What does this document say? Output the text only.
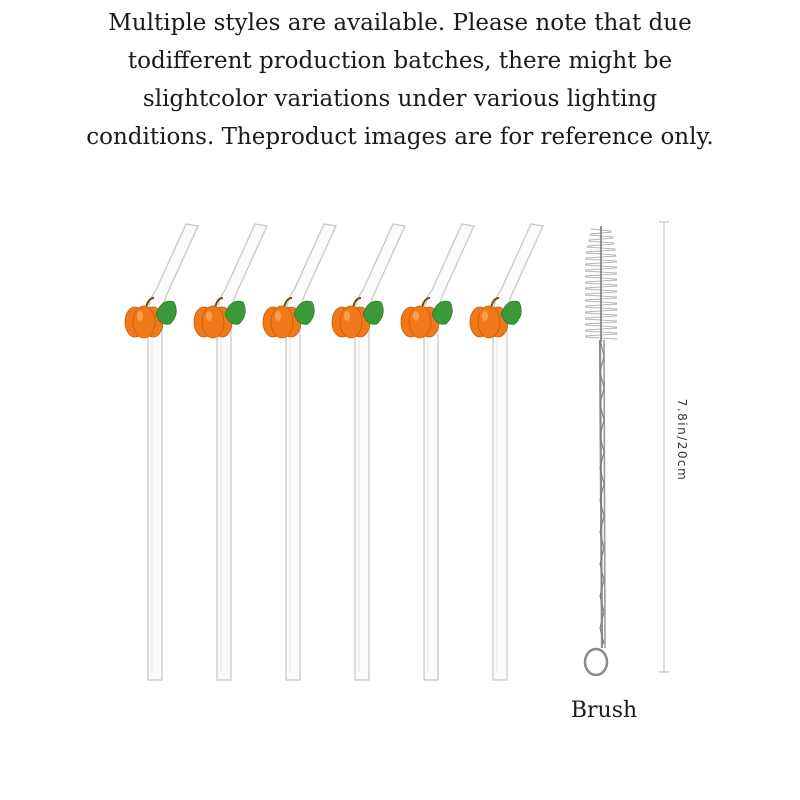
Multiple styles are available. Please note that due
todifferent production batches, there might be
slightcolor variations under various lighting
conditions. Theproduct images are for reference only.
7.8in/20cm
Brush
